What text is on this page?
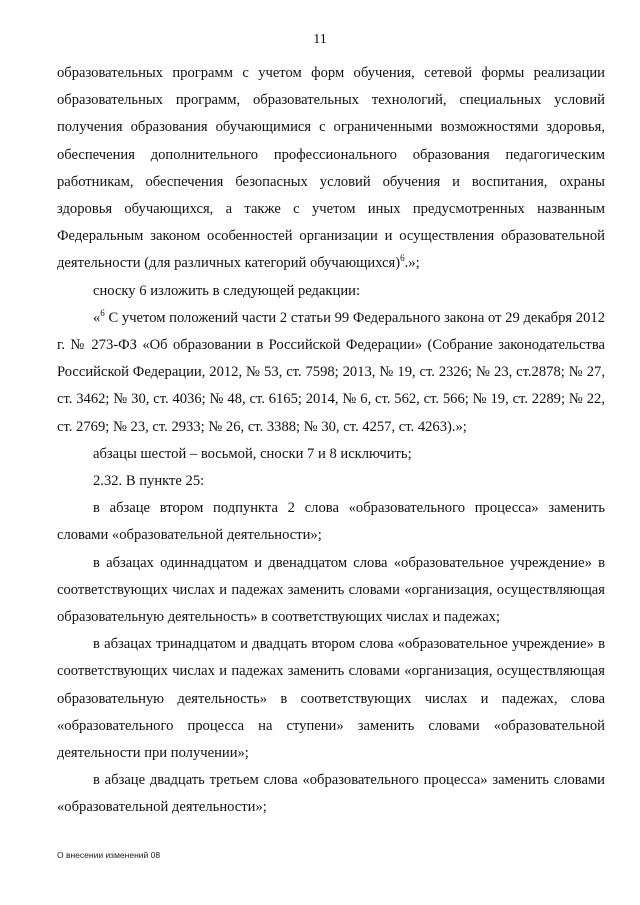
11

образовательных программ с учетом форм обучения, сетевой формы реализации образовательных программ, образовательных технологий, специальных условий получения образования обучающимися с ограниченными возможностями здоровья, обеспечения дополнительного профессионального образования педагогическим работникам, обеспечения безопасных условий обучения и воспитания, охраны здоровья обучающихся, а также с учетом иных предусмотренных названным Федеральным законом особенностей организации и осуществления образовательной деятельности (для различных категорий обучающихся)$^6$.»;

сноску 6 изложить в следующей редакции:

«$^6$ С учетом положений части 2 статьи 99 Федерального закона от 29 декабря 2012 г. № 273-ФЗ «Об образовании в Российской Федерации» (Собрание законодательства Российской Федерации, 2012, № 53, ст. 7598; 2013, № 19, ст. 2326; № 23, ст.2878; № 27, ст. 3462; № 30, ст. 4036; № 48, ст. 6165; 2014, № 6, ст. 562, ст. 566; № 19, ст. 2289; № 22, ст. 2769; № 23, ст. 2933; № 26, ст. 3388; № 30, ст. 4257, ст. 4263).»;

абзацы шестой – восьмой, сноски 7 и 8 исключить;

2.32. В пункте 25:

в абзаце втором подпункта 2 слова «образовательного процесса» заменить словами «образовательной деятельности»;

в абзацах одиннадцатом и двенадцатом слова «образовательное учреждение» в соответствующих числах и падежах заменить словами «организация, осуществляющая образовательную деятельность» в соответствующих числах и падежах;

в абзацах тринадцатом и двадцать втором слова «образовательное учреждение» в соответствующих числах и падежах заменить словами «организация, осуществляющая образовательную деятельность» в соответствующих числах и падежах, слова «образовательного процесса на ступени» заменить словами «образовательной деятельности при получении»;

в абзаце двадцать третьем слова «образовательного процесса» заменить словами «образовательной деятельности»;

О внесении изменений 08
